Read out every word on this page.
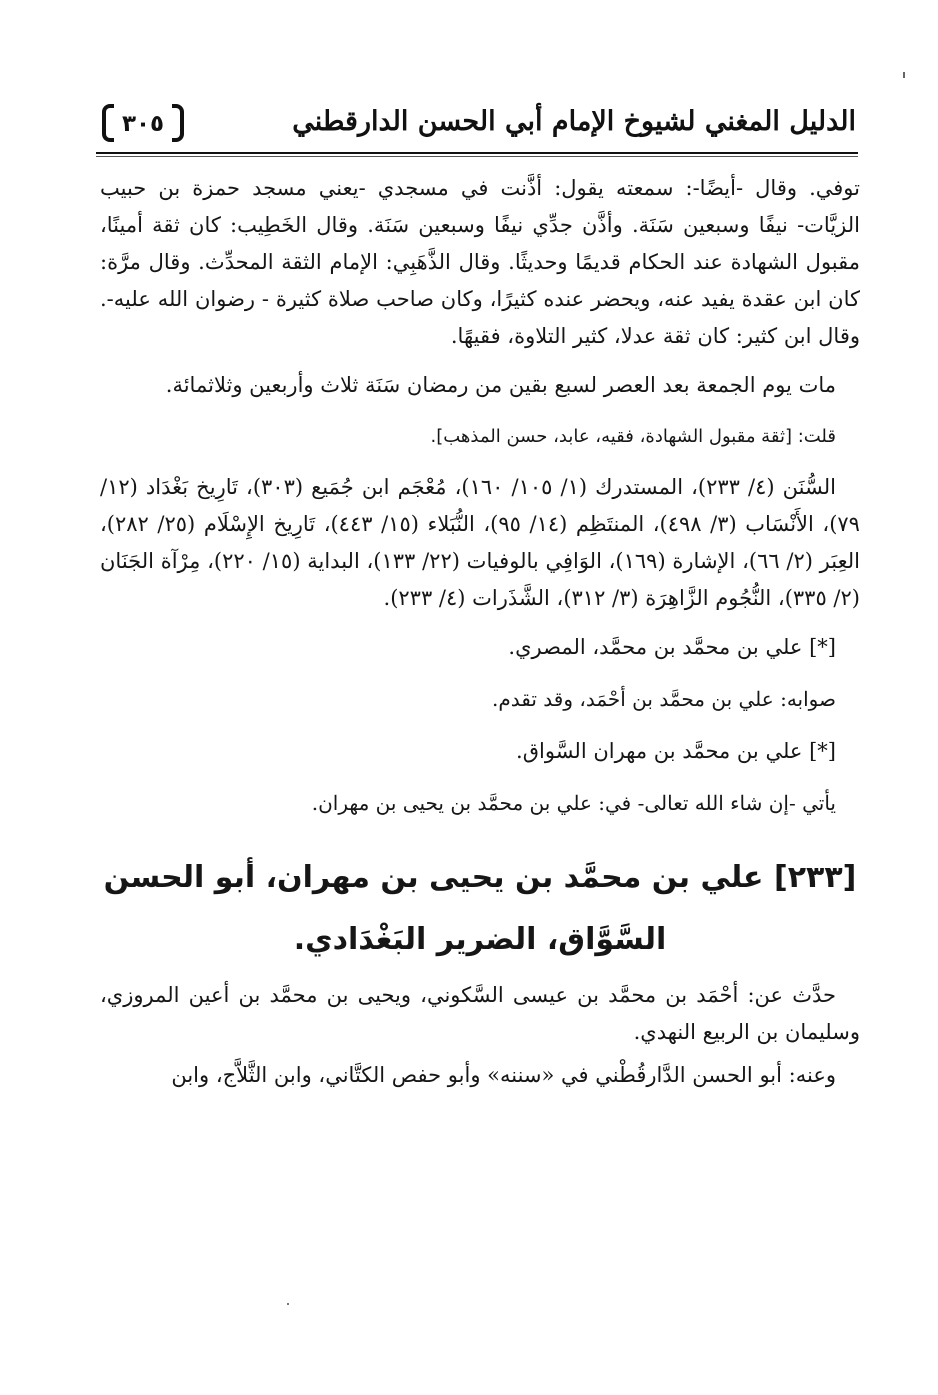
الدليل المغني لشيوخ الإمام أبي الحسن الدارقطني
٣٠٥

توفي. وقال -أيضًا-: سمعته يقول: أذَّنت في مسجدي -يعني مسجد حمزة بن حبيب الزيَّات- نيفًا وسبعين سَنَة. وأذَّن جدِّي نيفًا وسبعين سَنَة. وقال الخَطِيب: كان ثقة أمينًا، مقبول الشهادة عند الحكام قديمًا وحديثًا. وقال الذَّهَبِي: الإمام الثقة المحدِّث. وقال مرَّة: كان ابن عقدة يفيد عنه، ويحضر عنده كثيرًا، وكان صاحب صلاة كثيرة - رضوان الله عليه-. وقال ابن كثير: كان ثقة عدلا، كثير التلاوة، فقيهًا.

مات يوم الجمعة بعد العصر لسبع بقين من رمضان سَنَة ثلاث وأربعين وثلاثمائة.

قلت: [ثقة مقبول الشهادة، فقيه، عابد، حسن المذهب].

السُّنَن (٤/ ٢٣٣)، المستدرك (١/ ١٠٥/ ١٦٠)، مُعْجَم ابن جُمَيع (٣٠٣)، تَارِيخ بَغْدَاد (١٢/ ٧٩)، الأَنْسَاب (٣/ ٤٩٨)، المنتَظِم (١٤/ ٩٥)، النُّبَلاء (١٥/ ٤٤٣)، تَارِيخ الإِسْلَام (٢٥/ ٢٨٢)، العِبَر (٢/ ٦٦)، الإشارة (١٦٩)، الوَافِي بالوفيات (٢٢/ ١٣٣)، البداية (١٥/ ٢٢٠)، مِرْآة الجَنَان (٢/ ٣٣٥)، النُّجُوم الزَّاهِرَة (٣/ ٣١٢)، الشَّذَرات (٤/ ٢٣٣).

[*] علي بن محمَّد بن محمَّد، المصري.

صوابه: علي بن محمَّد بن أحْمَد، وقد تقدم.

[*] علي بن محمَّد بن مهران السَّواق.

يأتي -إن شاء الله تعالى- في: علي بن محمَّد بن يحيى بن مهران.

[٢٣٣] علي بن محمَّد بن يحيى بن مهران، أبو الحسن السَّوَّاق، الضرير البَغْدَادي.

حدَّث عن: أحْمَد بن محمَّد بن عيسى السَّكوني، ويحيى بن محمَّد بن أعين المروزي، وسليمان بن الربيع النهدي.

وعنه: أبو الحسن الدَّارقُطْني في «سننه» وأبو حفص الكتَّاني، وابن الثَّلاَّج، وابن
